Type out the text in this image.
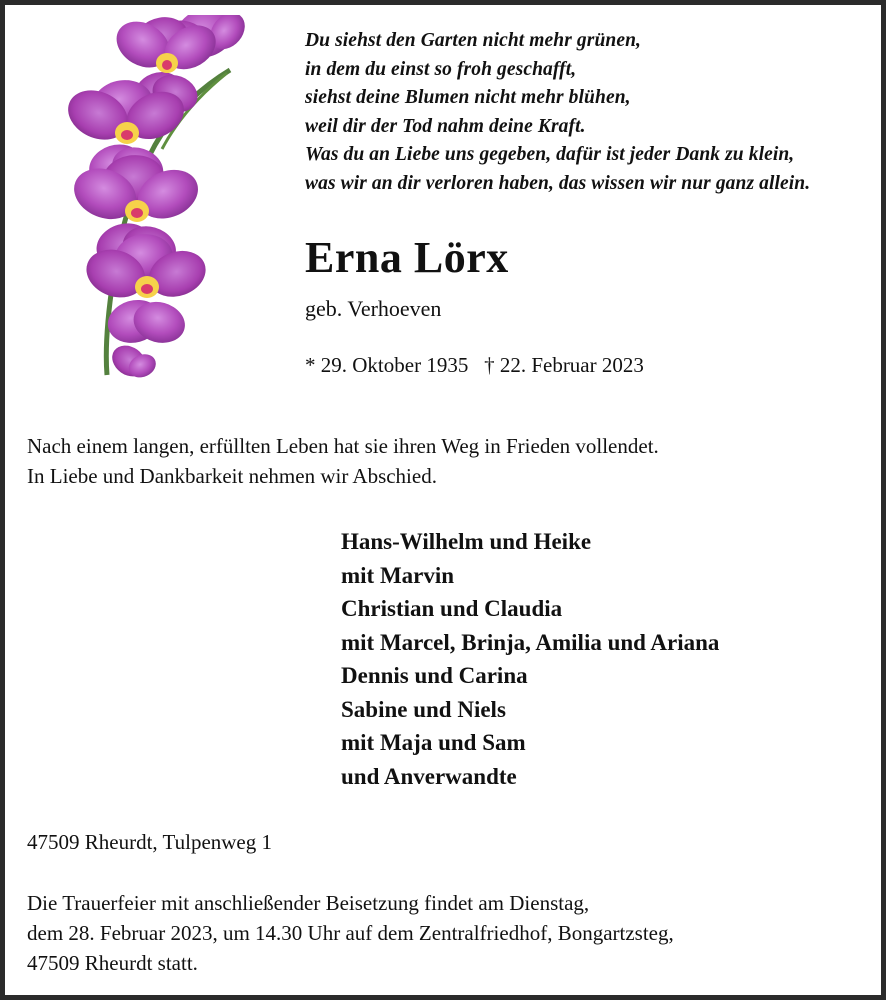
Du siehst den Garten nicht mehr grünen,

in dem du einst so froh geschafft,

siehst deine Blumen nicht mehr blühen,

weil dir der Tod nahm deine Kraft.

Was du an Liebe uns gegeben, dafür ist jeder Dank zu klein,

was wir an dir verloren haben, das wissen wir nur ganz allein.

Erna Lörx
geb. Verhoeven
* 29. Oktober 1935   † 22. Februar 2023
Nach einem langen, erfüllten Leben hat sie ihren Weg in Frieden vollendet.
In Liebe und Dankbarkeit nehmen wir Abschied.
Hans-Wilhelm und Heike
mit Marvin
Christian und Claudia
mit Marcel, Brinja, Amilia und Ariana
Dennis und Carina
Sabine und Niels
mit Maja und Sam
und Anverwandte
47509 Rheurdt, Tulpenweg 1
Die Trauerfeier mit anschließender Beisetzung findet am Dienstag,
dem 28. Februar 2023, um 14.30 Uhr auf dem Zentralfriedhof, Bongartzsteg,
47509 Rheurdt statt.
